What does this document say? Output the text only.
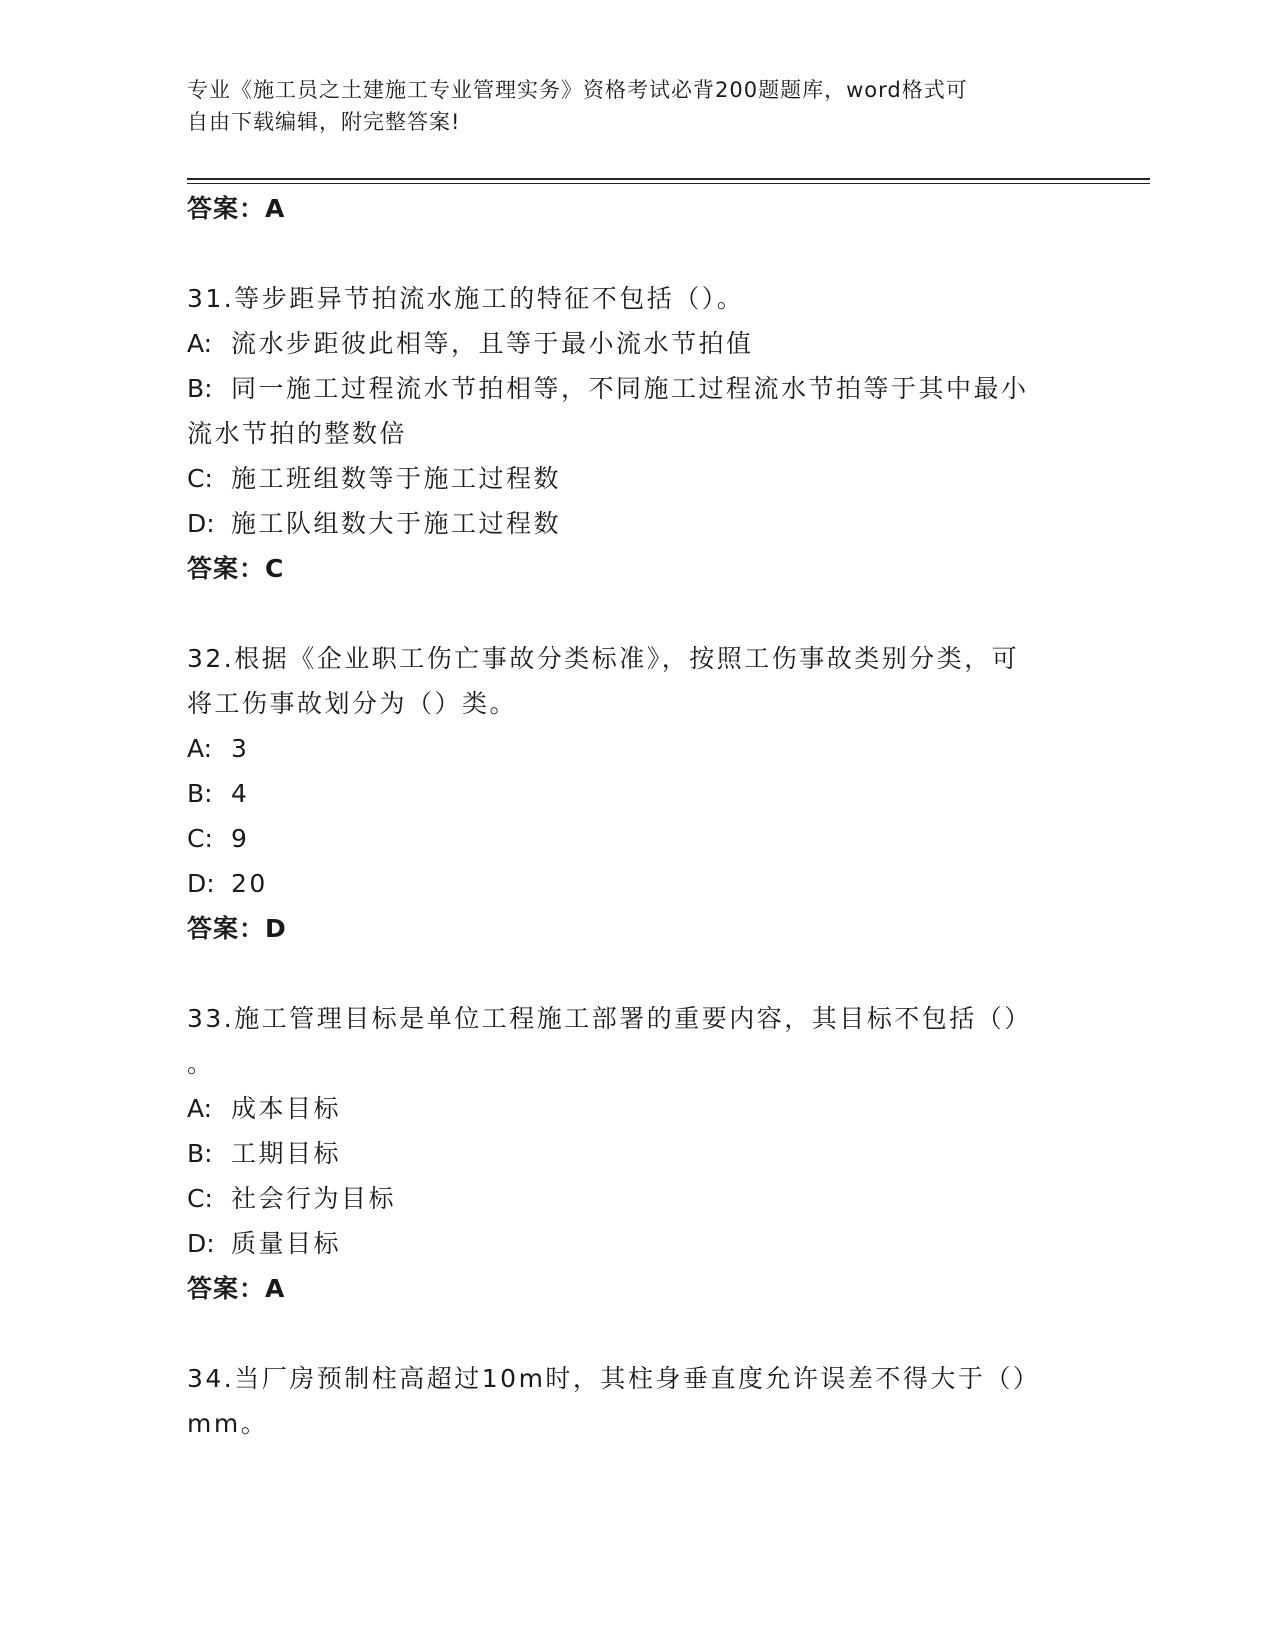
专业《施工员之土建施工专业管理实务》资格考试必背200题题库，word格式可
自由下载编辑，附完整答案!
答案：A
31.等步距异节拍流水施工的特征不包括（）。
A: 流水步距彼此相等，且等于最小流水节拍值
B: 同一施工过程流水节拍相等，不同施工过程流水节拍等于其中最小
流水节拍的整数倍
C: 施工班组数等于施工过程数
D: 施工队组数大于施工过程数
答案：C
32.根据《企业职工伤亡事故分类标准》，按照工伤事故类别分类，可
将工伤事故划分为（）类。
A: 3
B: 4
C: 9
D: 20
答案：D
33.施工管理目标是单位工程施工部署的重要内容，其目标不包括（）
。
A: 成本目标
B: 工期目标
C: 社会行为目标
D: 质量目标
答案：A
34.当厂房预制柱高超过10m时，其柱身垂直度允许误差不得大于（）
mm。
